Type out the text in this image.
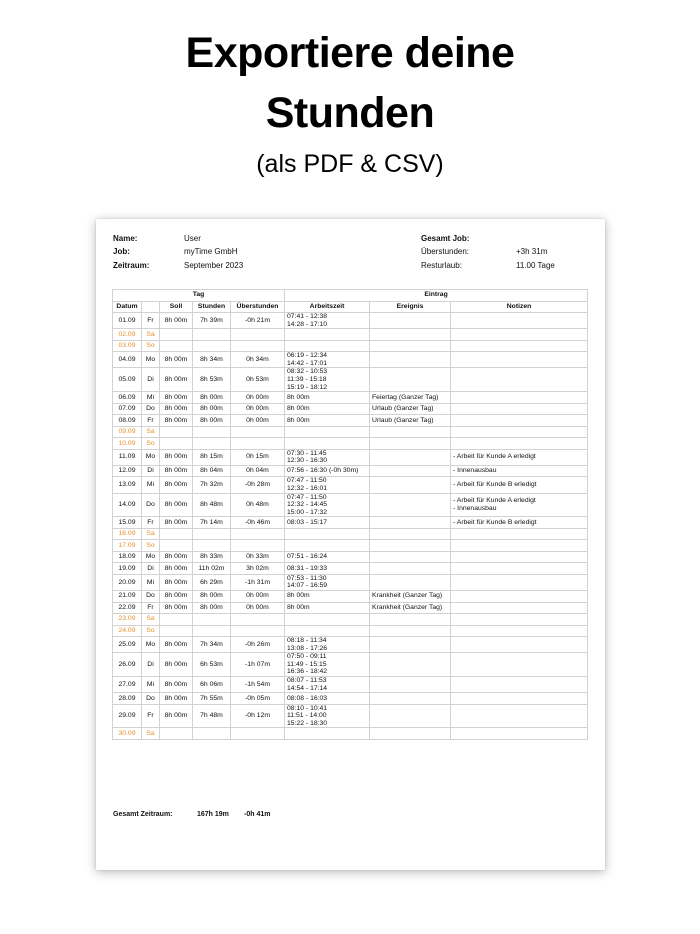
Exportiere deine
Stunden
(als PDF & CSV)
Name:	User
Job:	myTime GmbH
Zeitraum:	September 2023
Gesamt Job:
Überstunden:	+3h 31m
Resturlaub:	11.00 Tage
Tag					Eintrag		
Datum		Soll	Stunden	Überstunden	Arbeitszeit	Ereignis	Notizen
01.09	Fr	8h 00m	7h 39m	-0h 21m	07:41 - 12:38
14:28 - 17:10		
02.09	Sa						
03.09	So						
04.09	Mo	8h 00m	8h 34m	0h 34m	06:19 - 12:34
14:42 - 17:01		
05.09	Di	8h 00m	8h 53m	0h 53m	08:32 - 10:53
11:39 - 15:18
15:19 - 18:12		
06.09	Mi	8h 00m	8h 00m	0h 00m	8h 00m	Feiertag (Ganzer Tag)	
07.09	Do	8h 00m	8h 00m	0h 00m	8h 00m	Urlaub (Ganzer Tag)	
08.09	Fr	8h 00m	8h 00m	0h 00m	8h 00m	Urlaub (Ganzer Tag)	
09.09	Sa						
10.09	So						
11.09	Mo	8h 00m	8h 15m	0h 15m	07:30 - 11:45
12:30 - 16:30		- Arbeit für Kunde A erledigt
12.09	Di	8h 00m	8h 04m	0h 04m	07:56 - 16:30 (-0h 30m)		- Innenausbau
13.09	Mi	8h 00m	7h 32m	-0h 28m	07:47 - 11:50
12:32 - 16:01		- Arbeit für Kunde B erledigt
14.09	Do	8h 00m	8h 48m	0h 48m	07:47 - 11:50
12:32 - 14:45
15:00 - 17:32		- Arbeit für Kunde A erledigt
- Innenausbau
15.09	Fr	8h 00m	7h 14m	-0h 46m	08:03 - 15:17		- Arbeit für Kunde B erledigt
16.09	Sa						
17.09	So						
18.09	Mo	8h 00m	8h 33m	0h 33m	07:51 - 16:24		
19.09	Di	8h 00m	11h 02m	3h 02m	08:31 - 19:33		
20.09	Mi	8h 00m	6h 29m	-1h 31m	07:53 - 11:30
14:07 - 16:59		
21.09	Do	8h 00m	8h 00m	0h 00m	8h 00m	Krankheit (Ganzer Tag)	
22.09	Fr	8h 00m	8h 00m	0h 00m	8h 00m	Krankheit (Ganzer Tag)	
23.09	Sa						
24.09	So						
25.09	Mo	8h 00m	7h 34m	-0h 26m	08:18 - 11:34
13:08 - 17:26		
26.09	Di	8h 00m	6h 53m	-1h 07m	07:50 - 09:11
11:49 - 15:15
16:36 - 18:42		
27.09	Mi	8h 00m	6h 06m	-1h 54m	08:07 - 11:53
14:54 - 17:14		
28.09	Do	8h 00m	7h 55m	-0h 05m	08:08 - 16:03		
29.09	Fr	8h 00m	7h 48m	-0h 12m	08:10 - 10:41
11:51 - 14:00
15:22 - 18:30		
30.09	Sa						
Gesamt Zeitraum:	167h 19m -0h 41m
